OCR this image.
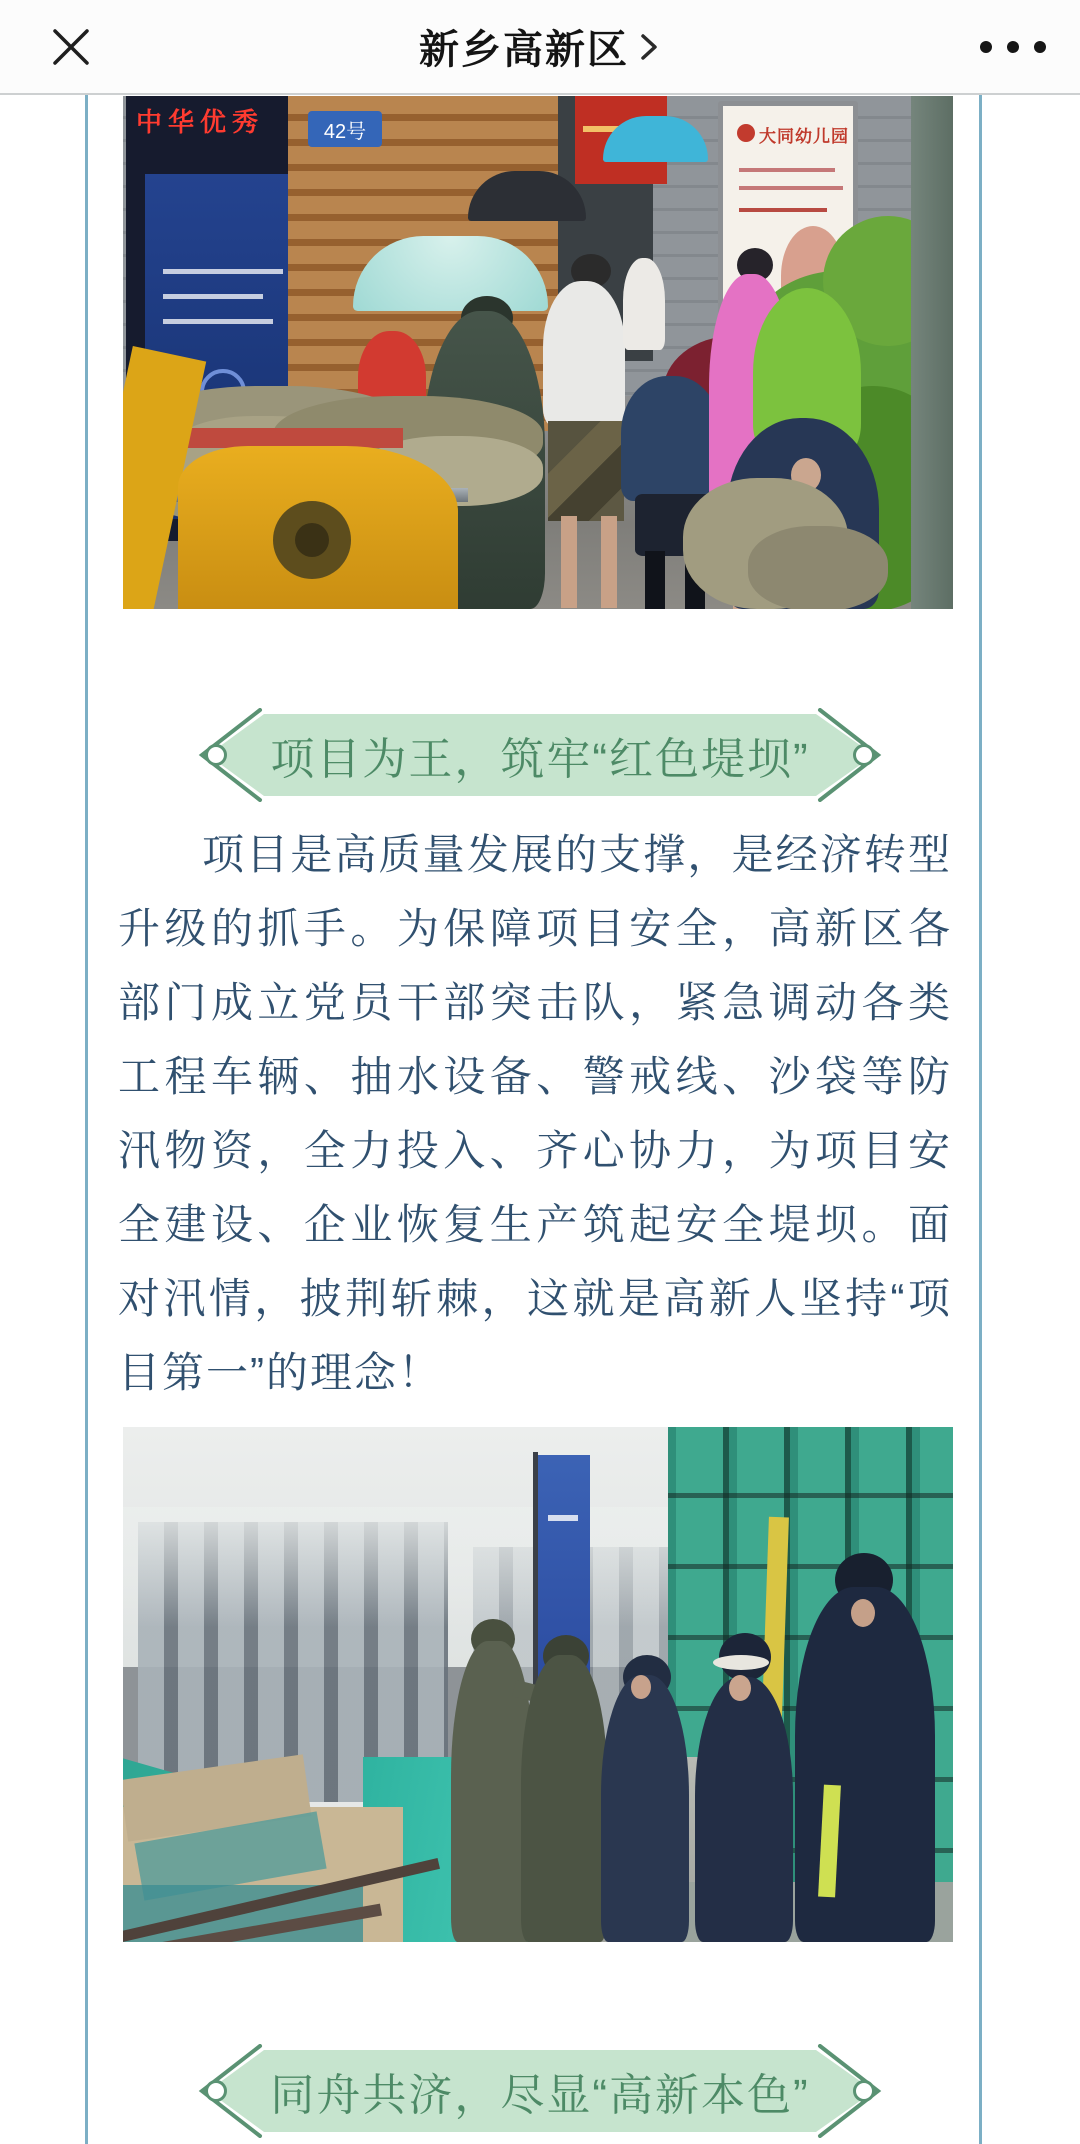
新乡高新区
中华优秀	42号	大同幼儿园
项目为王，筑牢“红色堤坝”

项目是高质量发展的支撑，是经济转型升级的抓手。为保障项目安全，高新区各部门成立党员干部突击队，紧急调动各类工程车辆、抽水设备、警戒线、沙袋等防汛物资，全力投入、齐心协力，为项目安全建设、企业恢复生产筑起安全堤坝。面对汛情，披荆斩棘，这就是高新人坚持“项目第一”的理念！

同舟共济，尽显“高新本色”
